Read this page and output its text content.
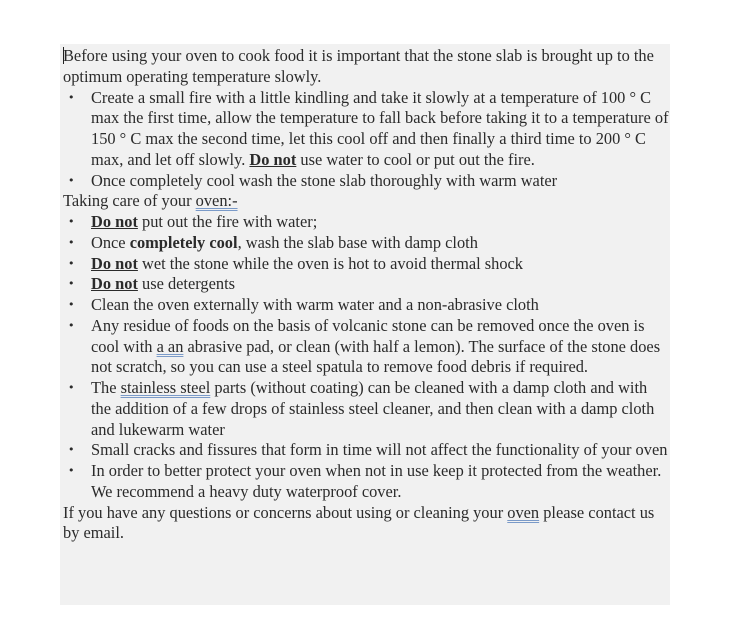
Before using your oven to cook food it is important that the stone slab is brought up to the optimum operating temperature slowly.

• Create a small fire with a little kindling and take it slowly at a temperature of 100 ° C max the first time, allow the temperature to fall back before taking it to a temperature of 150 ° C max the second time, let this cool off and then finally a third time to 200 ° C max, and let off slowly. Do not use water to cool or put out the fire.
• Once completely cool wash the stone slab thoroughly with warm water

Taking care of your oven:-

• Do not put out the fire with water;
• Once completely cool, wash the slab base with damp cloth
• Do not wet the stone while the oven is hot to avoid thermal shock
• Do not use detergents
• Clean the oven externally with warm water and a non-abrasive cloth
• Any residue of foods on the basis of volcanic stone can be removed once the oven is cool with a an abrasive pad, or clean (with half a lemon). The surface of the stone does not scratch, so you can use a steel spatula to remove food debris if required.
• The stainless steel parts (without coating) can be cleaned with a damp cloth and with the addition of a few drops of stainless steel cleaner, and then clean with a damp cloth and lukewarm water
• Small cracks and fissures that form in time will not affect the functionality of your oven
• In order to better protect your oven when not in use keep it protected from the weather. We recommend a heavy duty waterproof cover.

If you have any questions or concerns about using or cleaning your oven please contact us by email.
